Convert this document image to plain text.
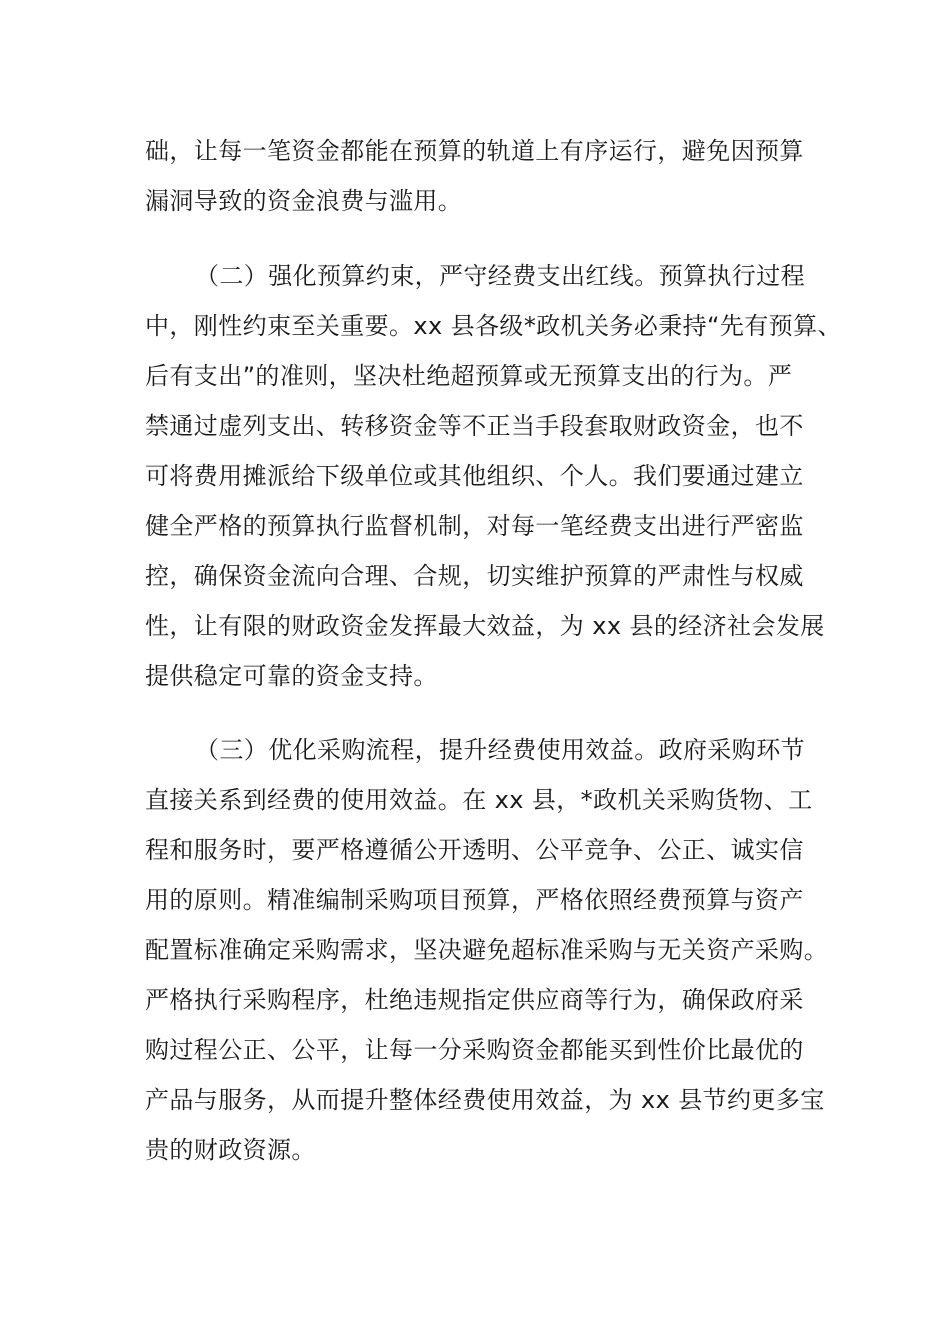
础，让每一笔资金都能在预算的轨道上有序运行，避免因预算
漏洞导致的资金浪费与滥用。
（二）强化预算约束，严守经费支出红线。预算执行过程
中，刚性约束至关重要。xx 县各级*政机关务必秉持“先有预算、
后有支出”的准则，坚决杜绝超预算或无预算支出的行为。严
禁通过虚列支出、转移资金等不正当手段套取财政资金，也不
可将费用摊派给下级单位或其他组织、个人。我们要通过建立
健全严格的预算执行监督机制，对每一笔经费支出进行严密监
控，确保资金流向合理、合规，切实维护预算的严肃性与权威
性，让有限的财政资金发挥最大效益，为 xx 县的经济社会发展
提供稳定可靠的资金支持。
（三）优化采购流程，提升经费使用效益。政府采购环节
直接关系到经费的使用效益。在 xx 县，*政机关采购货物、工
程和服务时，要严格遵循公开透明、公平竞争、公正、诚实信
用的原则。精准编制采购项目预算，严格依照经费预算与资产
配置标准确定采购需求，坚决避免超标准采购与无关资产采购。
严格执行采购程序，杜绝违规指定供应商等行为，确保政府采
购过程公正、公平，让每一分采购资金都能买到性价比最优的
产品与服务，从而提升整体经费使用效益，为 xx 县节约更多宝
贵的财政资源。
